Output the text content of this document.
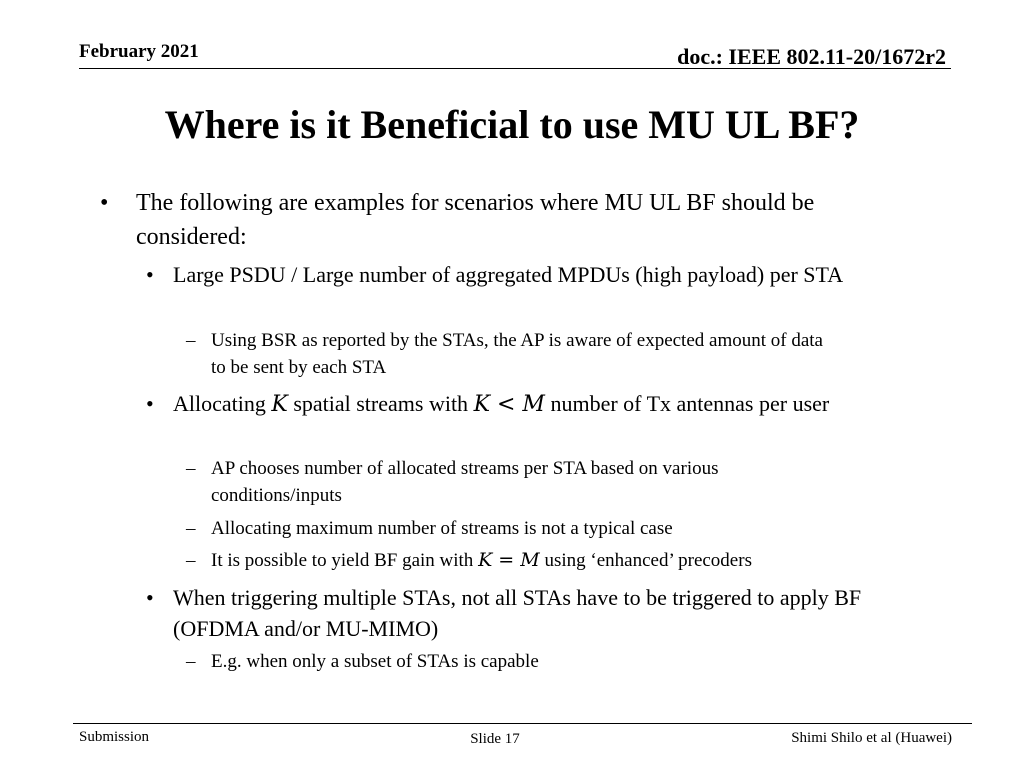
February 2021	doc.: IEEE 802.11-20/1672r2
Where is it Beneficial to use MU UL BF?
• The following are examples for scenarios where MU UL BF should be considered:
• Large PSDU / Large number of aggregated MPDUs (high payload) per STA
– Using BSR as reported by the STAs, the AP is aware of expected amount of data to be sent by each STA
• Allocating K spatial streams with K < M number of Tx antennas per user
– AP chooses number of allocated streams per STA based on various conditions/inputs
– Allocating maximum number of streams is not a typical case
– It is possible to yield BF gain with K = M using ‘enhanced’ precoders
• When triggering multiple STAs, not all STAs have to be triggered to apply BF (OFDMA and/or MU-MIMO)
– E.g. when only a subset of STAs is capable
Submission	Slide 17	Shimi Shilo et al (Huawei)
